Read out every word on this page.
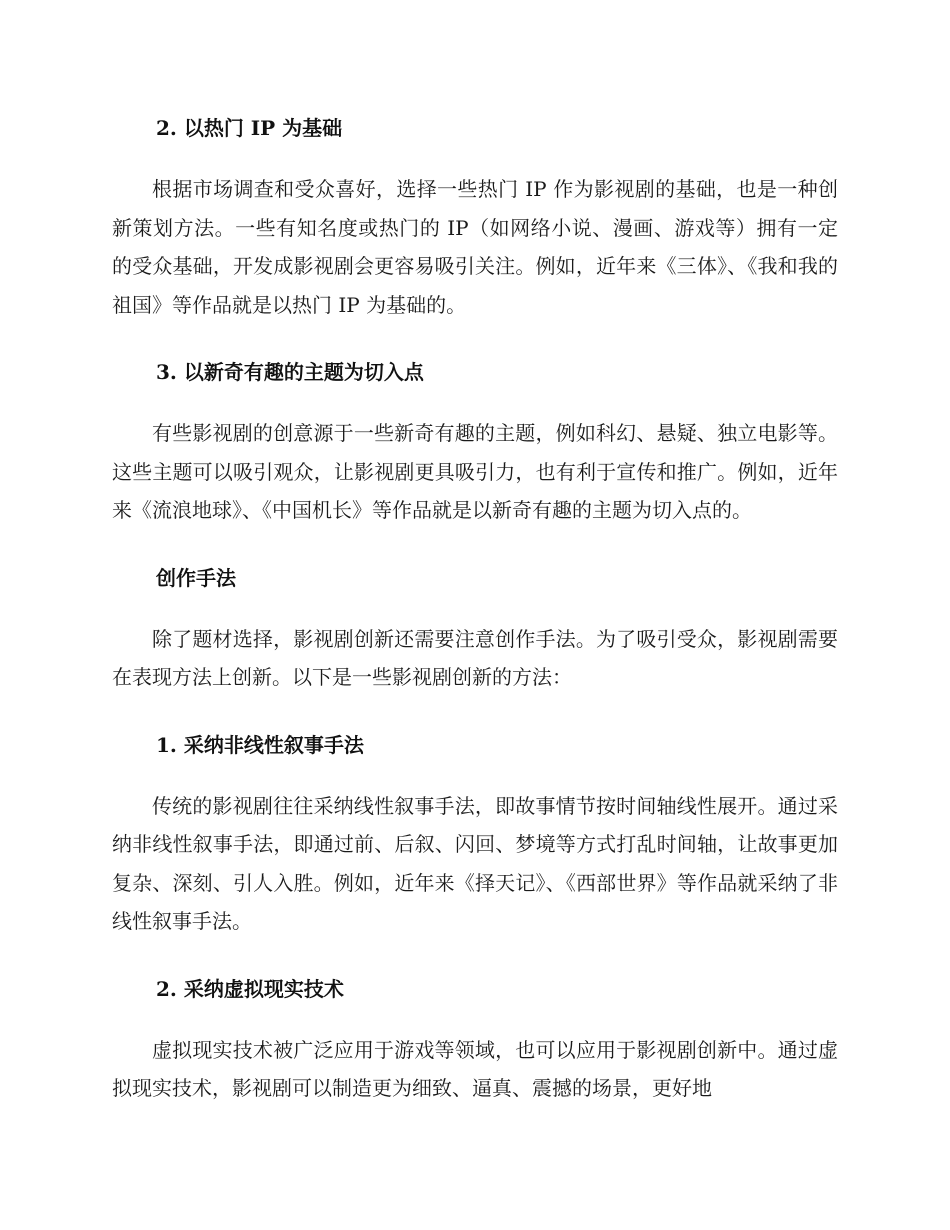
2. 以热门 IP 为基础

根据市场调查和受众喜好，选择一些热门 IP 作为影视剧的基础，也是一种创新策划方法。一些有知名度或热门的 IP（如网络小说、漫画、游戏等）拥有一定的受众基础，开发成影视剧会更容易吸引关注。例如，近年来《三体》、《我和我的祖国》等作品就是以热门 IP 为基础的。

3. 以新奇有趣的主题为切入点

有些影视剧的创意源于一些新奇有趣的主题，例如科幻、悬疑、独立电影等。这些主题可以吸引观众，让影视剧更具吸引力，也有利于宣传和推广。例如，近年来《流浪地球》、《中国机长》等作品就是以新奇有趣的主题为切入点的。

创作手法

除了题材选择，影视剧创新还需要注意创作手法。为了吸引受众，影视剧需要在表现方法上创新。以下是一些影视剧创新的方法：

1. 采纳非线性叙事手法

传统的影视剧往往采纳线性叙事手法，即故事情节按时间轴线性展开。通过采纳非线性叙事手法，即通过前、后叙、闪回、梦境等方式打乱时间轴，让故事更加复杂、深刻、引人入胜。例如，近年来《择天记》、《西部世界》等作品就采纳了非线性叙事手法。

2. 采纳虚拟现实技术

虚拟现实技术被广泛应用于游戏等领域，也可以应用于影视剧创新中。通过虚拟现实技术，影视剧可以制造更为细致、逼真、震撼的场景，更好地
